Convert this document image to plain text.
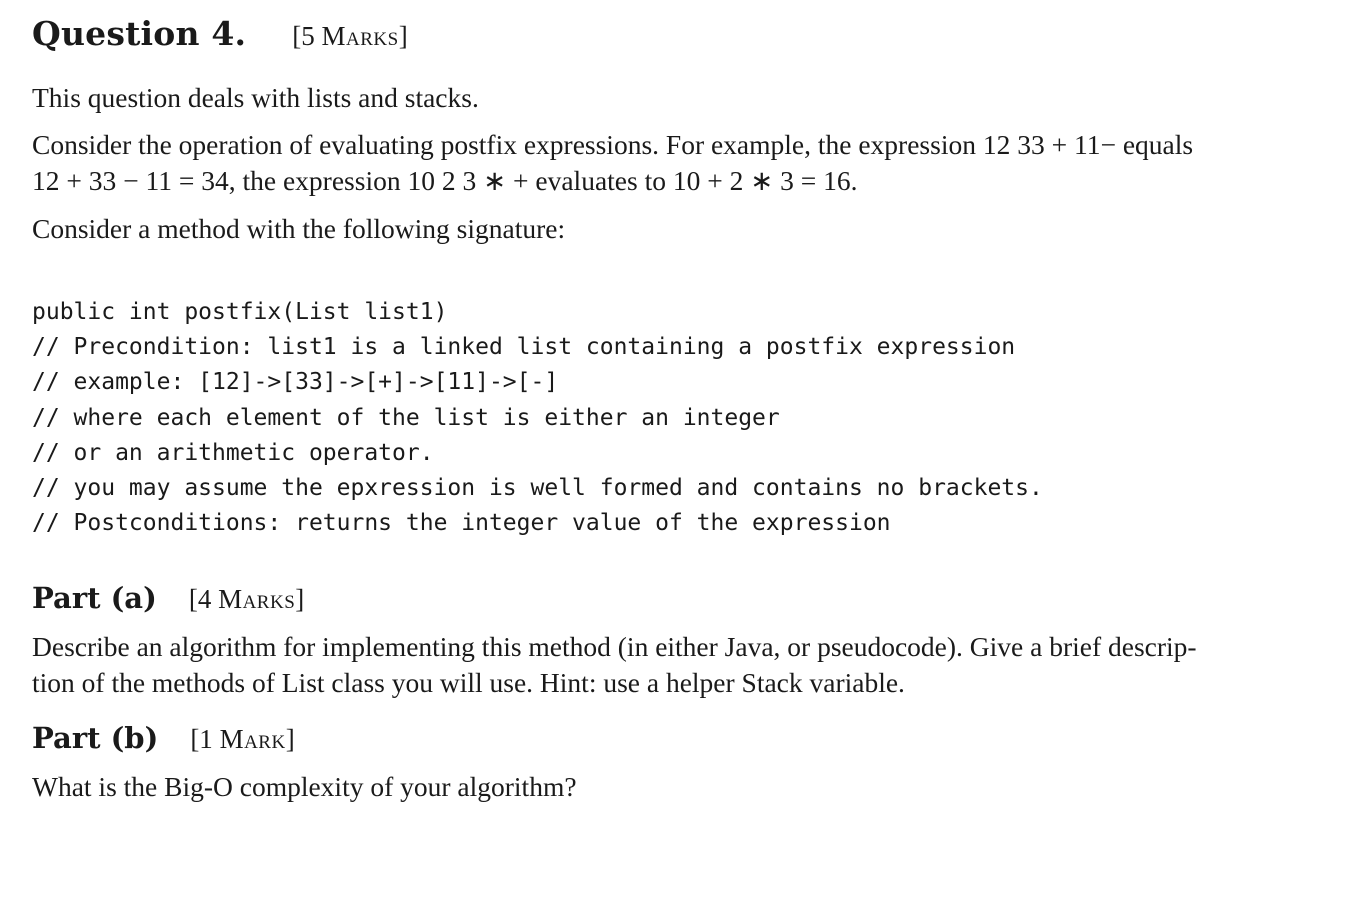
Question 4. [5 Marks]

This question deals with lists and stacks.

Consider the operation of evaluating postfix expressions. For example, the expression 12 33 + 11− equals
12 + 33 − 11 = 34, the expression 10 2 3 ∗ + evaluates to 10 + 2 ∗ 3 = 16.

Consider a method with the following signature:

public int postfix(List list1)
// Precondition: list1 is a linked list containing a postfix expression
// example: [12]->[33]->[+]->[11]->[-]
// where each element of the list is either an integer
// or an arithmetic operator.
// you may assume the epxression is well formed and contains no brackets.
// Postconditions: returns the integer value of the expression
Part (a) [4 Marks]

Describe an algorithm for implementing this method (in either Java, or pseudocode). Give a brief descrip-
tion of the methods of List class you will use. Hint: use a helper Stack variable.

Part (b) [1 Mark]

What is the Big-O complexity of your algorithm?
